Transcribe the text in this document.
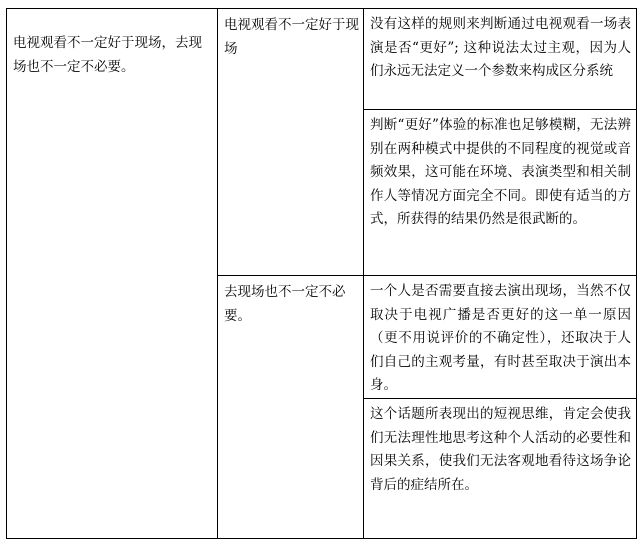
电视观看不一定好于现场，去现场也不一定不必要。	电视观看不一定好于现场	没有这样的规则来判断通过电视观看一场表演是否“更好”; 这种说法太过主观，因为人们永远无法定义一个参数来构成区分系统
		判断“更好”体验的标准也足够模糊，无法辨别在两种模式中提供的不同程度的视觉或音频效果，这可能在环境、表演类型和相关制作人等情况方面完全不同。即使有适当的方式，所获得的结果仍然是很武断的。
	去现场也不一定不必要。	一个人是否需要直接去演出现场，当然不仅取决于电视广播是否更好的这一单一原因（更不用说评价的不确定性），还取决于人们自己的主观考量，有时甚至取决于演出本身。
		这个话题所表现出的短视思维，肯定会使我们无法理性地思考这种个人活动的必要性和因果关系，使我们无法客观地看待这场争论背后的症结所在。
